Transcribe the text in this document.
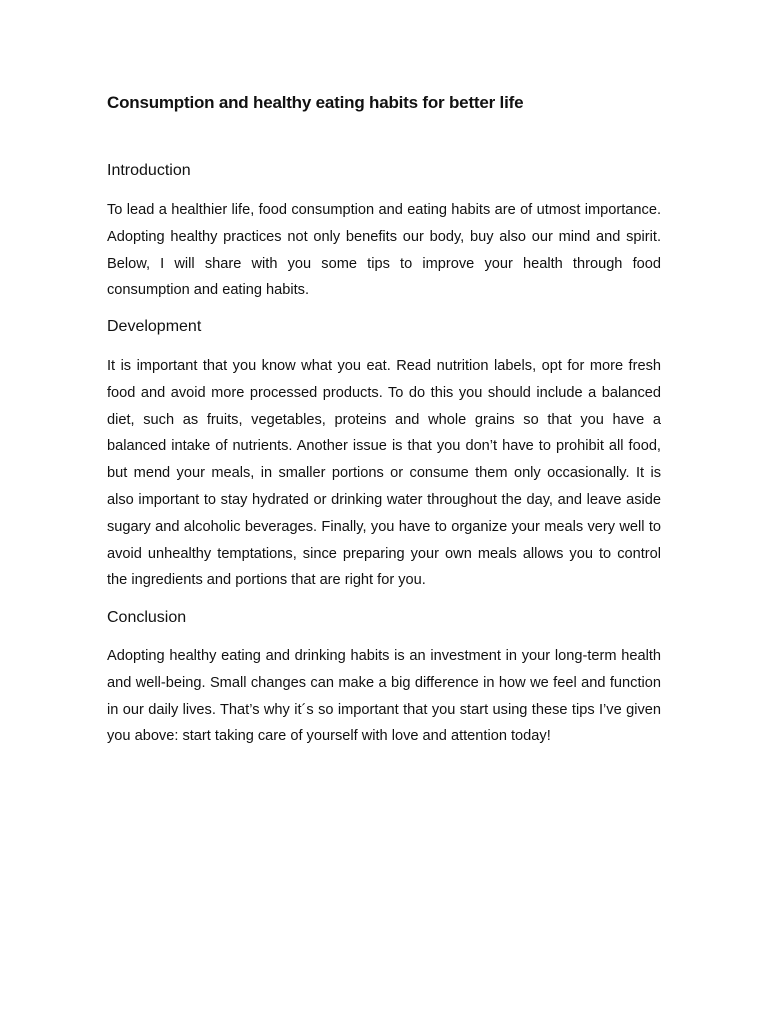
Consumption and healthy eating habits for better life
Introduction

To lead a healthier life, food consumption and eating habits are of utmost importance. Adopting healthy practices not only benefits our body, buy also our mind and spirit. Below, I will share with you some tips to improve your health through food consumption and eating habits.

Development

It is important that you know what you eat. Read nutrition labels, opt for more fresh food and avoid more processed products. To do this you should include a balanced diet, such as fruits, vegetables, proteins and whole grains so that you have a balanced intake of nutrients. Another issue is that you don’t have to prohibit all food, but mend your meals, in smaller portions or consume them only occasionally. It is also important to stay hydrated or drinking water throughout the day, and leave aside sugary and alcoholic beverages. Finally, you have to organize your meals very well to avoid unhealthy temptations, since preparing your own meals allows you to control the ingredients and portions that are right for you.

Conclusion

Adopting healthy eating and drinking habits is an investment in your long-term health and well-being. Small changes can make a big difference in how we feel and function in our daily lives. That’s why it´s so important that you start using these tips I’ve given you above: start taking care of yourself with love and attention today!
